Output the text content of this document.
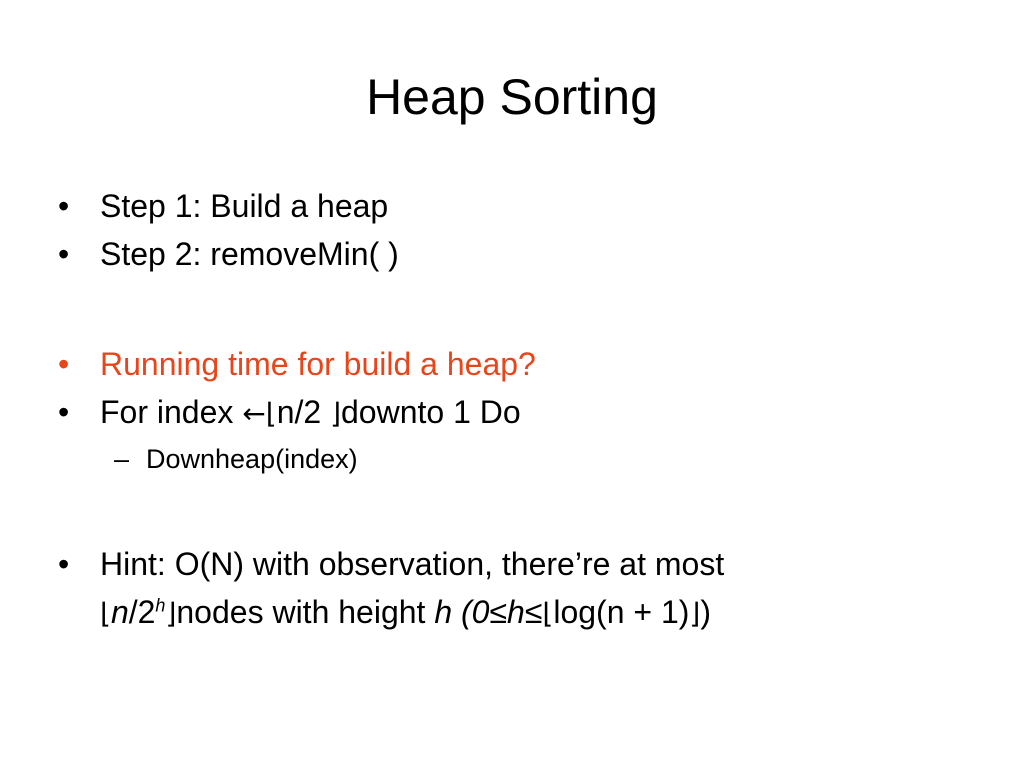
Heap Sorting
• Step 1: Build a heap
• Step 2: removeMin( )
• Running time for build a heap?
• For index ←⌊n/2 ⌋downto 1 Do
– Downheap(index)
• Hint: O(N) with observation, there’re at most
⌊n/2$^h$⌋nodes with height h (0≤h≤⌊log(n + 1)⌋)
